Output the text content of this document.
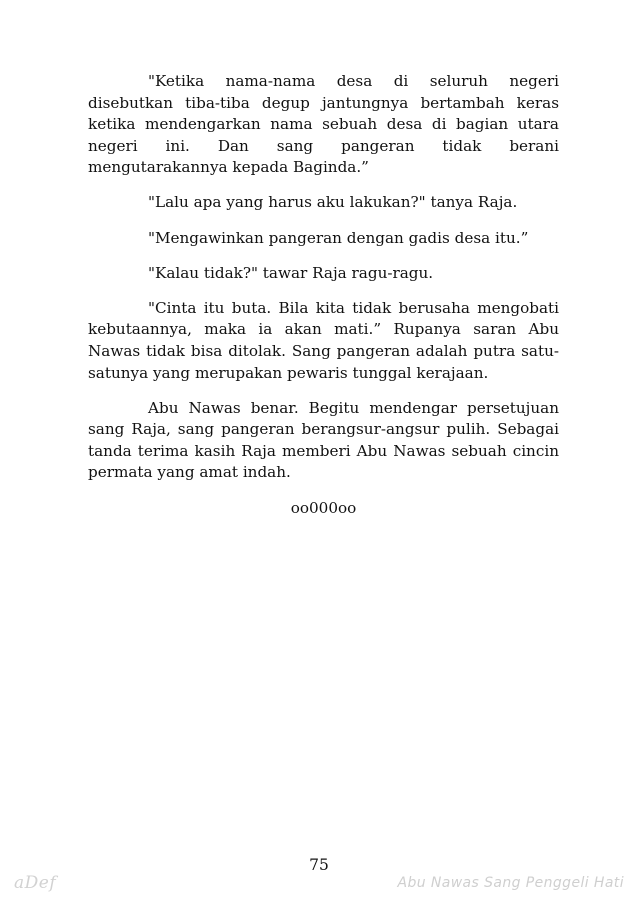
"Ketika nama-nama desa di seluruh negeri disebutkan tiba-tiba degup jantungnya bertambah keras ketika mendengarkan nama sebuah desa di bagian utara negeri ini. Dan sang pangeran tidak berani mengutarakannya kepada Baginda.”

"Lalu apa yang harus aku lakukan?" tanya Raja.

"Mengawinkan pangeran dengan gadis desa itu.”

"Kalau tidak?" tawar Raja ragu-ragu.

"Cinta itu buta. Bila kita tidak berusaha mengobati kebutaannya, maka ia akan mati.” Rupanya saran Abu Nawas tidak bisa ditolak. Sang pangeran adalah putra satu-satunya yang merupakan pewaris tunggal kerajaan.

Abu Nawas benar. Begitu mendengar persetujuan sang Raja, sang pangeran berangsur-angsur pulih. Sebagai tanda terima kasih Raja memberi Abu Nawas sebuah cincin permata yang amat indah.

oo000oo

75
aDef	Abu Nawas Sang Penggeli Hati
